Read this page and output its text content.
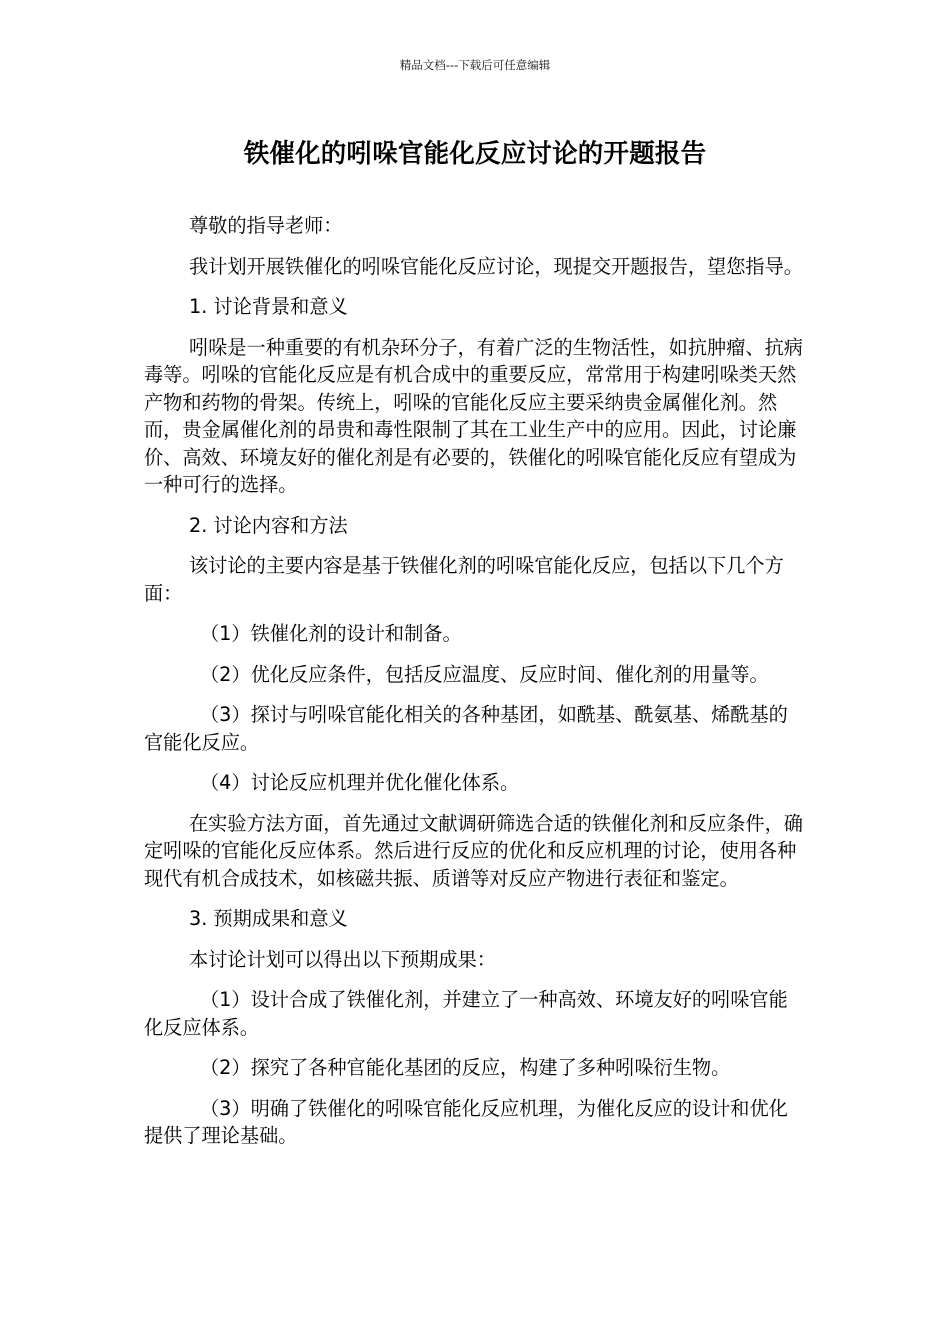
精品文档---下载后可任意编辑
铁催化的吲哚官能化反应讨论的开题报告

尊敬的指导老师：

我计划开展铁催化的吲哚官能化反应讨论，现提交开题报告，望您指导。

1. 讨论背景和意义

吲哚是一种重要的有机杂环分子，有着广泛的生物活性，如抗肿瘤、抗病毒等。吲哚的官能化反应是有机合成中的重要反应，常常用于构建吲哚类天然产物和药物的骨架。传统上，吲哚的官能化反应主要采纳贵金属催化剂。然而，贵金属催化剂的昂贵和毒性限制了其在工业生产中的应用。因此，讨论廉价、高效、环境友好的催化剂是有必要的，铁催化的吲哚官能化反应有望成为一种可行的选择。

2. 讨论内容和方法

该讨论的主要内容是基于铁催化剂的吲哚官能化反应，包括以下几个方面：

（1）铁催化剂的设计和制备。

（2）优化反应条件，包括反应温度、反应时间、催化剂的用量等。

（3）探讨与吲哚官能化相关的各种基团，如酰基、酰氨基、烯酰基的官能化反应。

（4）讨论反应机理并优化催化体系。

在实验方法方面，首先通过文献调研筛选合适的铁催化剂和反应条件，确定吲哚的官能化反应体系。然后进行反应的优化和反应机理的讨论，使用各种现代有机合成技术，如核磁共振、质谱等对反应产物进行表征和鉴定。

3. 预期成果和意义

本讨论计划可以得出以下预期成果：

（1）设计合成了铁催化剂，并建立了一种高效、环境友好的吲哚官能化反应体系。

（2）探究了各种官能化基团的反应，构建了多种吲哚衍生物。

（3）明确了铁催化的吲哚官能化反应机理，为催化反应的设计和优化提供了理论基础。
